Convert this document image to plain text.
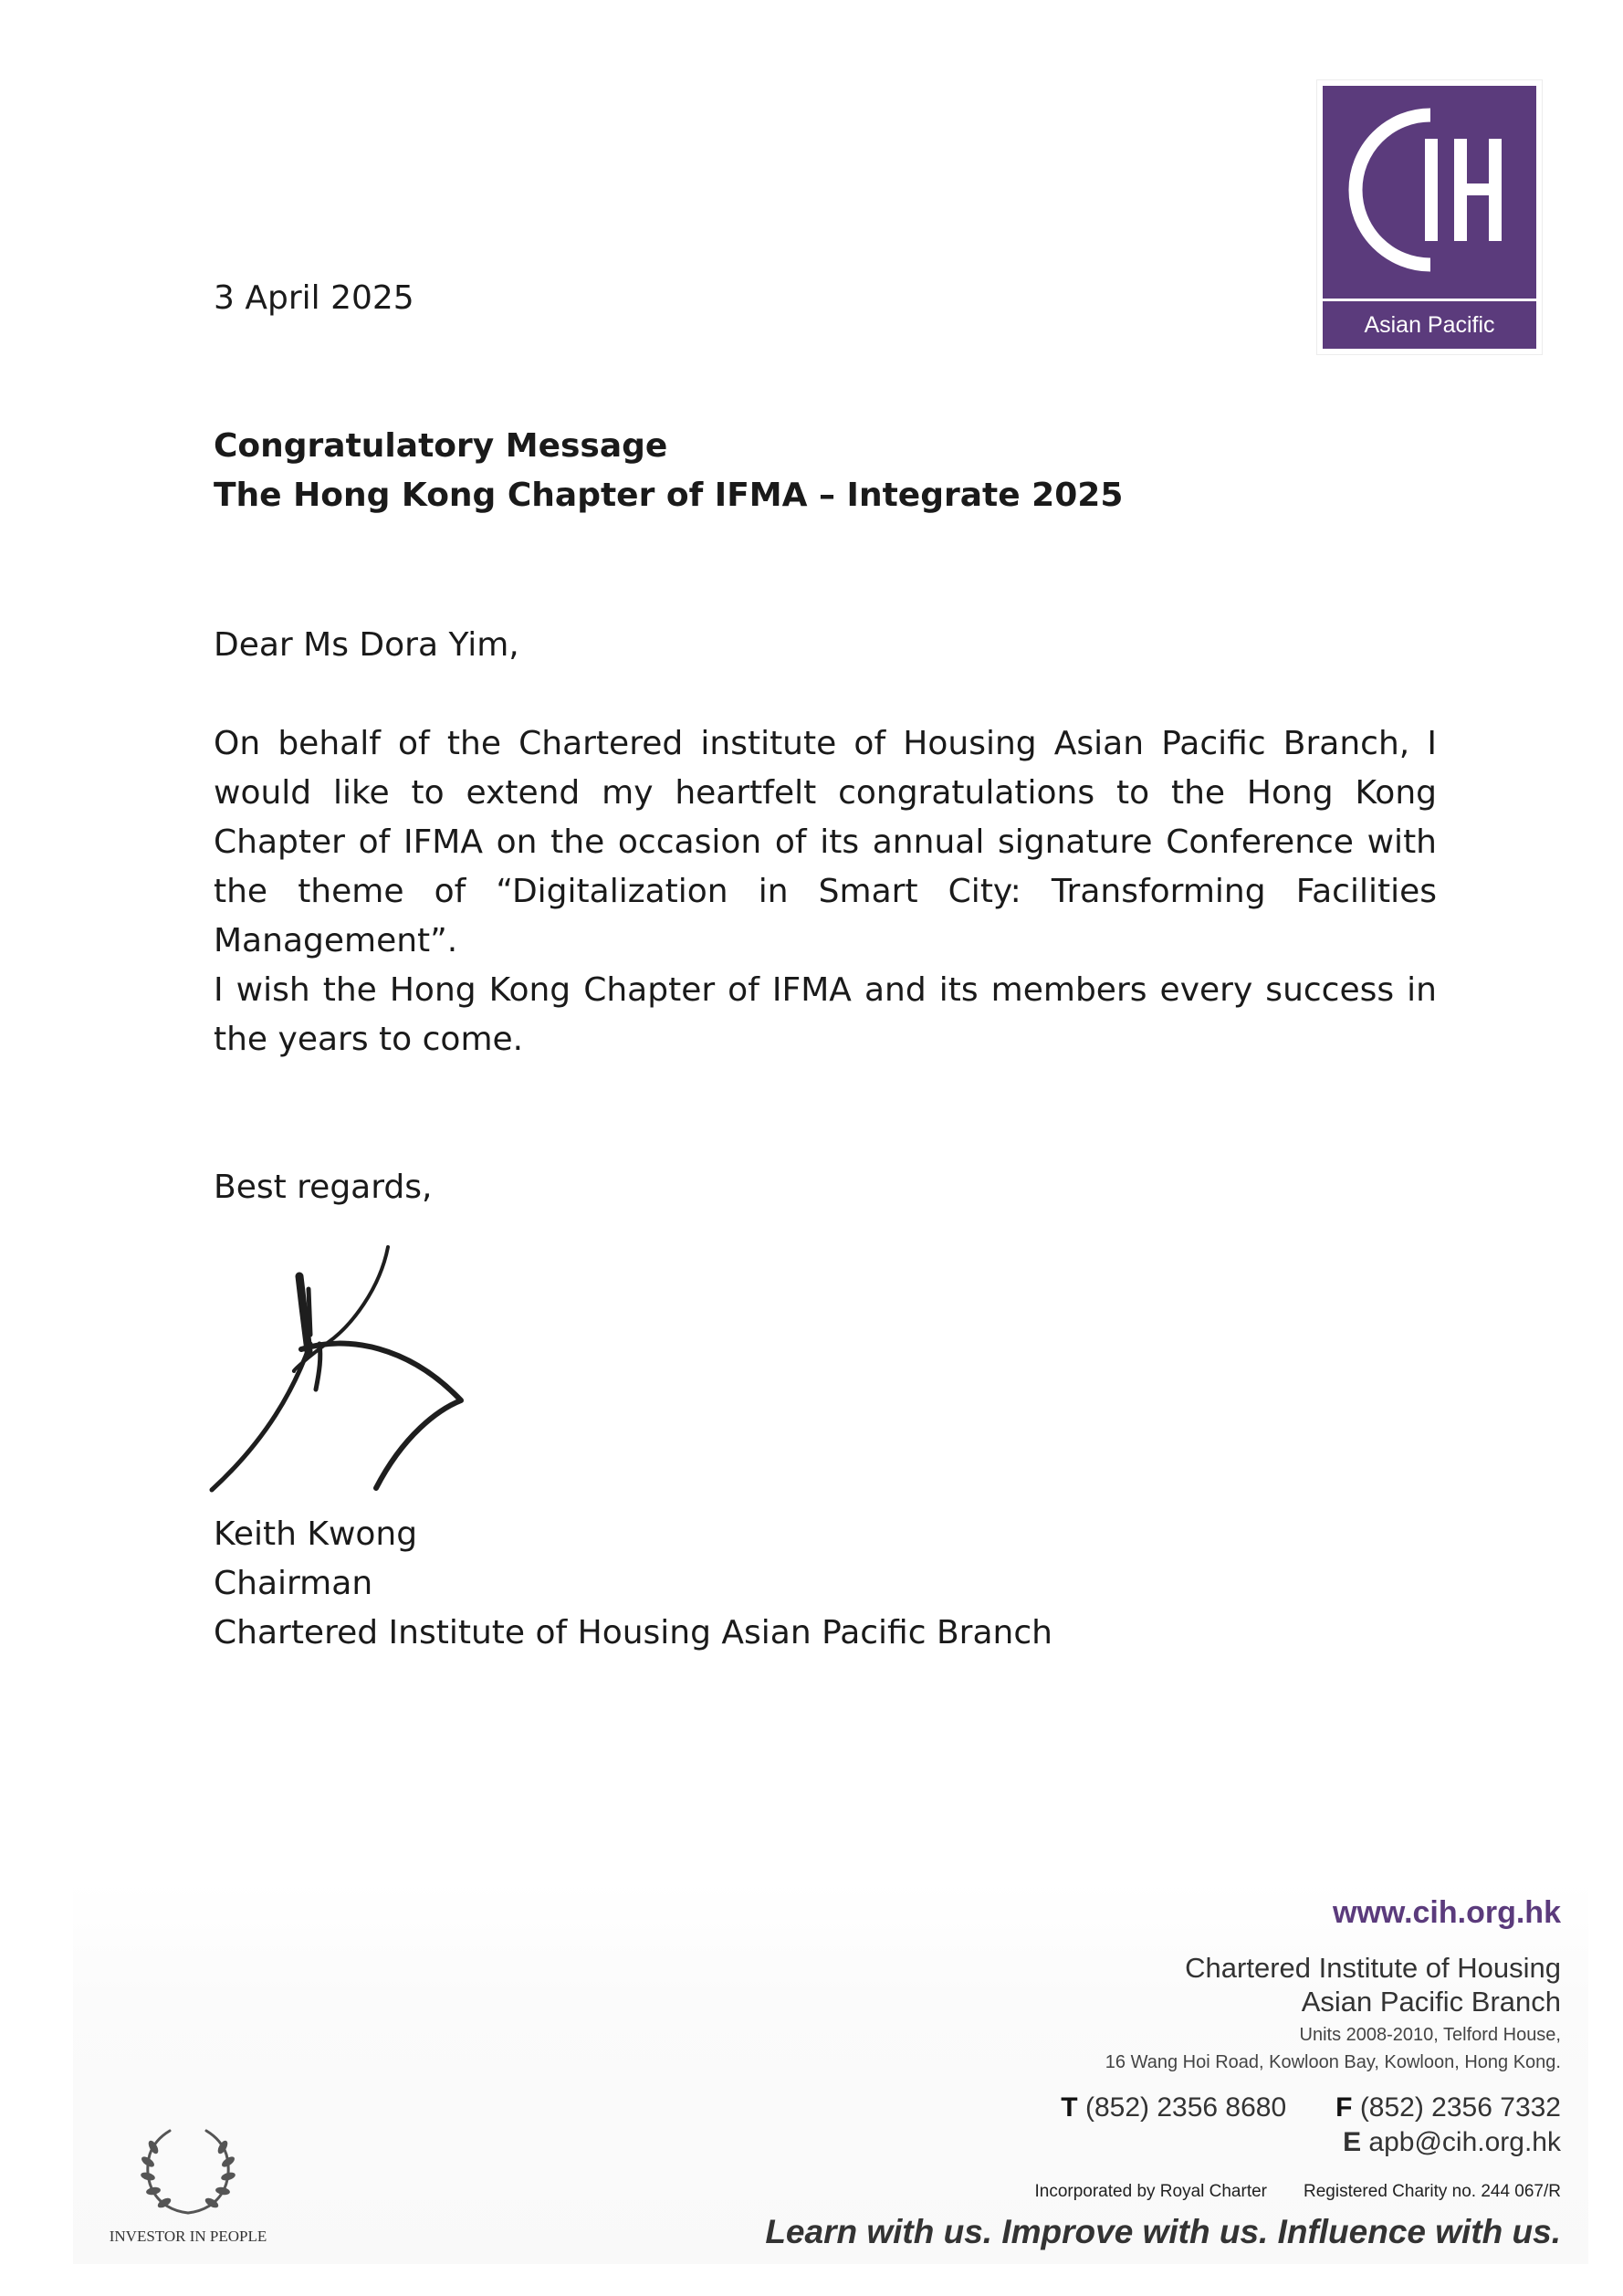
Asian Pacific
3 April 2025
Congratulatory Message
The Hong Kong Chapter of IFMA – Integrate 2025
Dear Ms Dora Yim,
On behalf of the Chartered institute of Housing Asian Pacific Branch, I would like to extend my heartfelt congratulations to the Hong Kong Chapter of IFMA on the occasion of its annual signature Conference with the theme of “Digitalization in Smart City: Transforming Facilities Management”.
I wish the Hong Kong Chapter of IFMA and its members every success in the years to come.
Best regards,
Keith Kwong
Chairman
Chartered Institute of Housing Asian Pacific Branch
www.cih.org.hk
Chartered Institute of Housing
Asian Pacific Branch
Units 2008-2010, Telford House,
16 Wang Hoi Road, Kowloon Bay, Kowloon, Hong Kong.
T (852) 2356 8680 F (852) 2356 7332
E apb@cih.org.hk
Incorporated by Royal Charter Registered Charity no. 244 067/R
Learn with us. Improve with us. Influence with us.
INVESTOR IN PEOPLE
